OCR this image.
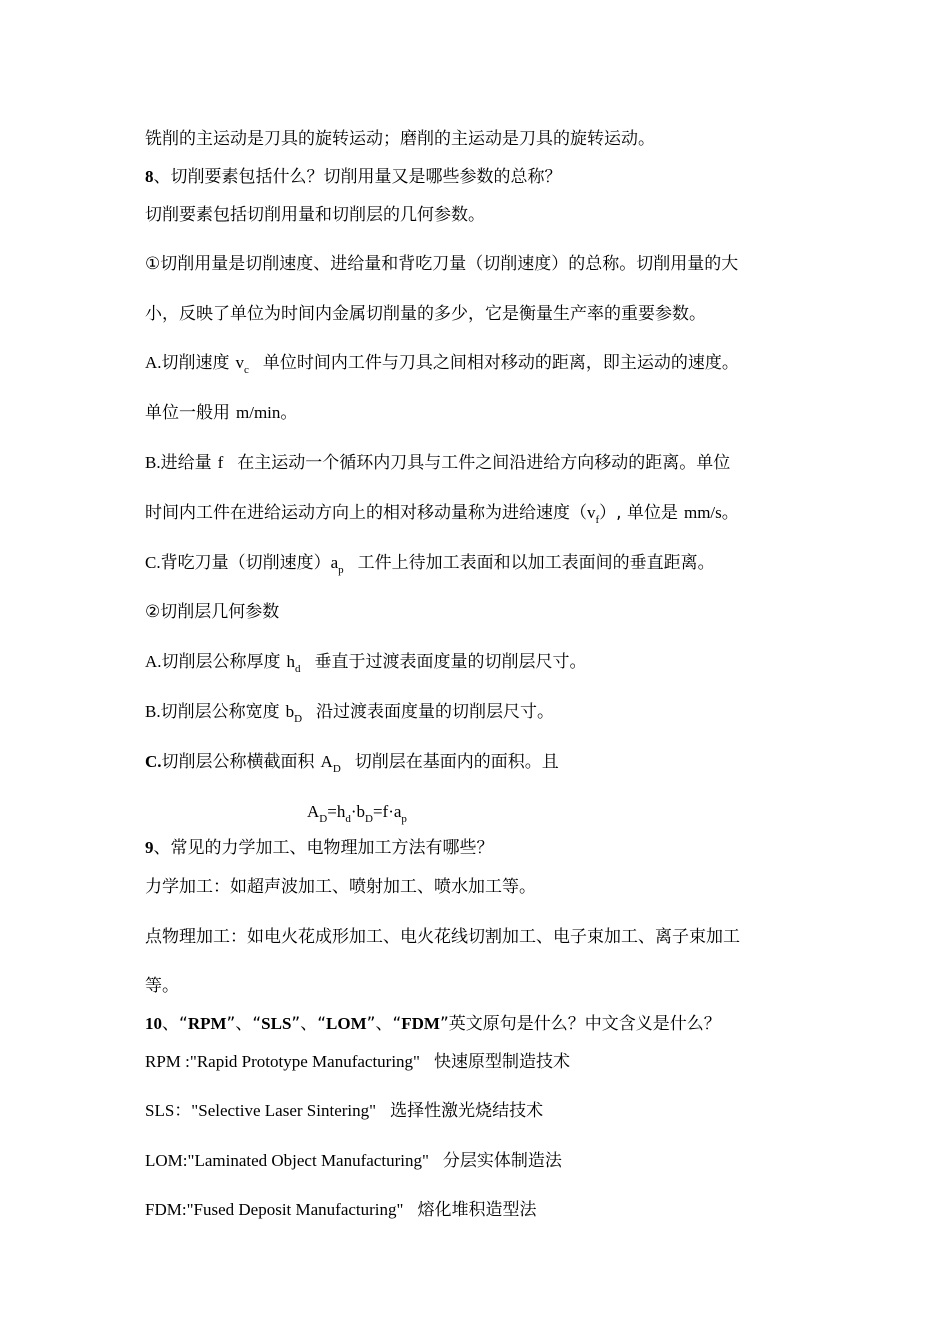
铣削的主运动是刀具的旋转运动；磨削的主运动是刀具的旋转运动。
8、切削要素包括什么？切削用量又是哪些参数的总称？
切削要素包括切削用量和切削层的几何参数。
①切削用量是切削速度、进给量和背吃刀量（切削速度）的总称。切削用量的大
小，反映了单位为时间内金属切削量的多少，它是衡量生产率的重要参数。
A.切削速度 $v_c$ 单位时间内工件与刀具之间相对移动的距离，即主运动的速度。
单位一般用 m/min。
B.进给量 f 在主运动一个循环内刀具与工件之间沿进给方向移动的距离。单位
时间内工件在进给运动方向上的相对移动量称为进给速度$(v_f)$, 单位是 mm/s。
C.背吃刀量（切削速度）$a_p$ 工件上待加工表面和以加工表面间的垂直距离。
②切削层几何参数
A.切削层公称厚度 $h_d$ 垂直于过渡表面度量的切削层尺寸。
B.切削层公称宽度 $b_D$ 沿过渡表面度量的切削层尺寸。
C.切削层公称横截面积 $A_D$ 切削层在基面内的面积。且
$A_D=h_d\cdot b_D=f\cdot a_p$
9、常见的力学加工、电物理加工方法有哪些？
力学加工：如超声波加工、喷射加工、喷水加工等。
点物理加工：如电火花成形加工、电火花线切割加工、电子束加工、离子束加工
等。
10、“RPM”、“SLS”、“LOM”、“FDM”英文原句是什么？中文含义是什么？
RPM :"Rapid Prototype Manufacturing" 快速原型制造技术
SLS："Selective Laser Sintering" 选择性激光烧结技术
LOM:"Laminated Object Manufacturing" 分层实体制造法
FDM:"Fused Deposit Manufacturing" 熔化堆积造型法
